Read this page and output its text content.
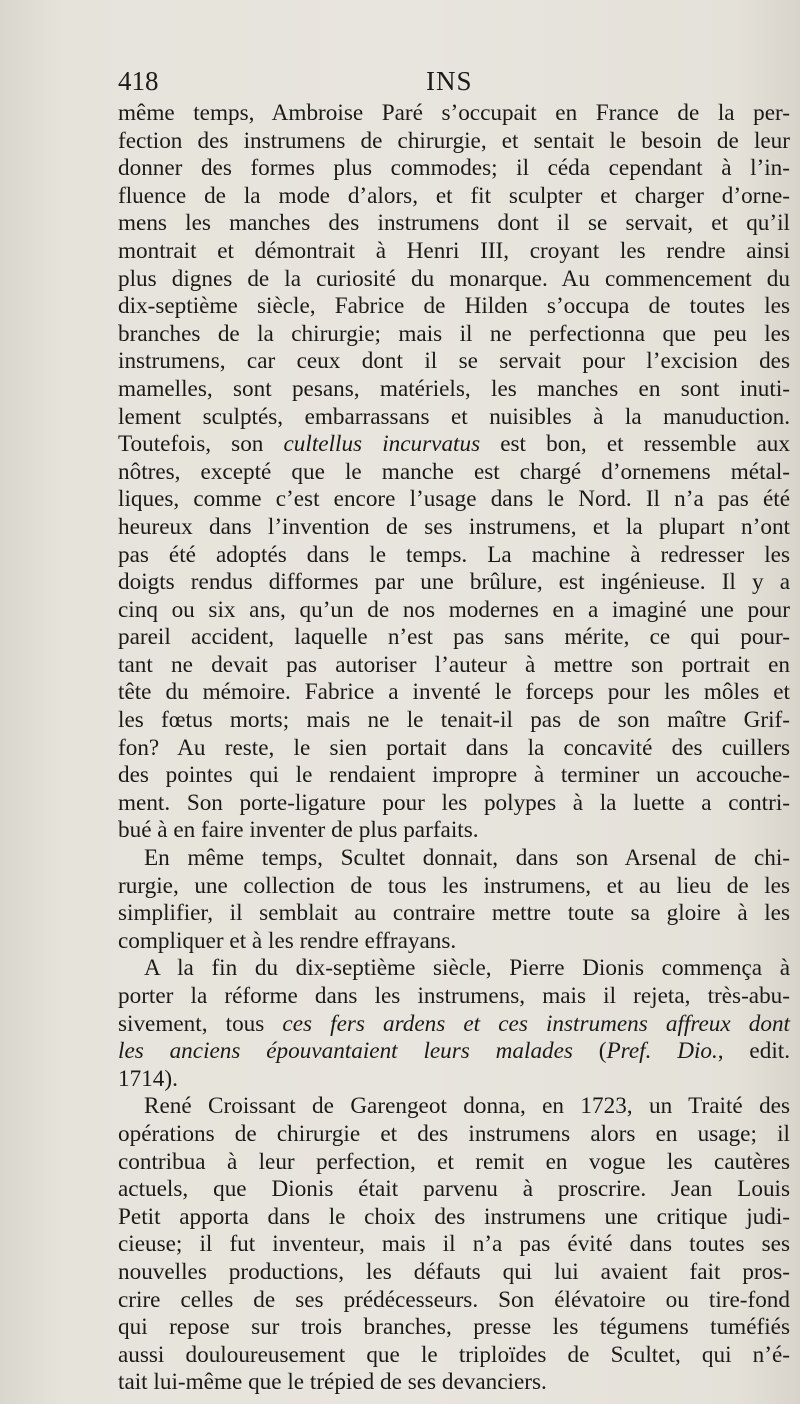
418	INS
même temps, Ambroise Paré s’occupait en France de la per-
fection des instrumens de chirurgie, et sentait le besoin de leur
donner des formes plus commodes; il céda cependant à l’in-
fluence de la mode d’alors, et fit sculpter et charger d’orne-
mens les manches des instrumens dont il se servait, et qu’il
montrait et démontrait à Henri III, croyant les rendre ainsi
plus dignes de la curiosité du monarque. Au commencement du
dix-septième siècle, Fabrice de Hilden s’occupa de toutes les
branches de la chirurgie; mais il ne perfectionna que peu les
instrumens, car ceux dont il se servait pour l’excision des
mamelles, sont pesans, matériels, les manches en sont inuti-
lement sculptés, embarrassans et nuisibles à la manuduction.
Toutefois, son cultellus incurvatus est bon, et ressemble aux
nôtres, excepté que le manche est chargé d’ornemens métal-
liques, comme c’est encore l’usage dans le Nord. Il n’a pas été
heureux dans l’invention de ses instrumens, et la plupart n’ont
pas été adoptés dans le temps. La machine à redresser les
doigts rendus difformes par une brûlure, est ingénieuse. Il y a
cinq ou six ans, qu’un de nos modernes en a imaginé une pour
pareil accident, laquelle n’est pas sans mérite, ce qui pour-
tant ne devait pas autoriser l’auteur à mettre son portrait en
tête du mémoire. Fabrice a inventé le forceps pour les môles et
les fœtus morts; mais ne le tenait-il pas de son maître Grif-
fon? Au reste, le sien portait dans la concavité des cuillers
des pointes qui le rendaient impropre à terminer un accouche-
ment. Son porte-ligature pour les polypes à la luette a contri-
bué à en faire inventer de plus parfaits.
En même temps, Scultet donnait, dans son Arsenal de chi-
rurgie, une collection de tous les instrumens, et au lieu de les
simplifier, il semblait au contraire mettre toute sa gloire à les
compliquer et à les rendre effrayans.
A la fin du dix-septième siècle, Pierre Dionis commença à
porter la réforme dans les instrumens, mais il rejeta, très-abu-
sivement, tous ces fers ardens et ces instrumens affreux dont
les anciens épouvantaient leurs malades (Pref. Dio., edit.
1714).
René Croissant de Garengeot donna, en 1723, un Traité des
opérations de chirurgie et des instrumens alors en usage; il
contribua à leur perfection, et remit en vogue les cautères
actuels, que Dionis était parvenu à proscrire. Jean Louis
Petit apporta dans le choix des instrumens une critique judi-
cieuse; il fut inventeur, mais il n’a pas évité dans toutes ses
nouvelles productions, les défauts qui lui avaient fait pros-
crire celles de ses prédécesseurs. Son élévatoire ou tire-fond
qui repose sur trois branches, presse les tégumens tuméfiés
aussi douloureusement que le triploïdes de Scultet, qui n’é-
tait lui-même que le trépied de ses devanciers.
